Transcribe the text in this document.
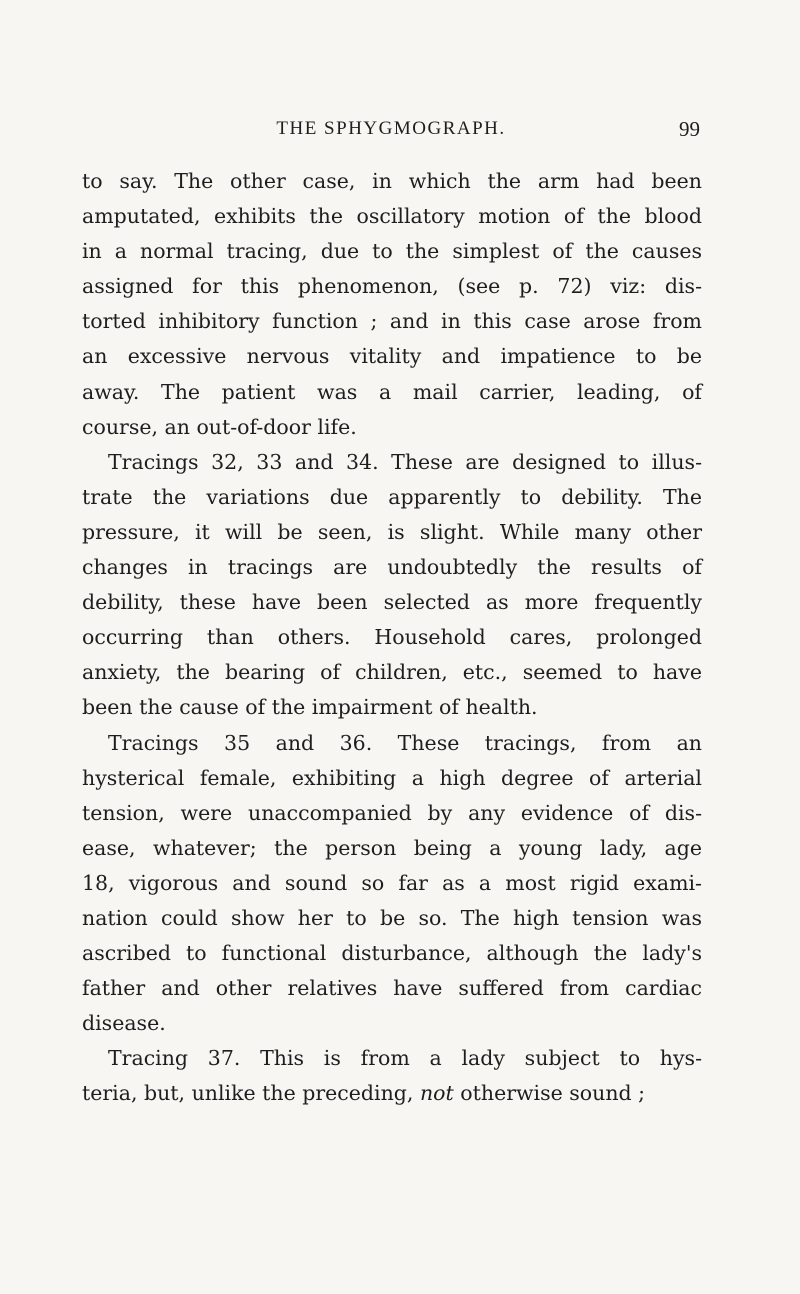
THE SPHYGMOGRAPH.	99
to say. The other case, in which the arm had been
amputated, exhibits the oscillatory motion of the blood
in a normal tracing, due to the simplest of the causes
assigned for this phenomenon, (see p. 72) viz: dis-
torted inhibitory function ; and in this case arose from
an excessive nervous vitality and impatience to be
away. The patient was a mail carrier, leading, of
course, an out-of-door life.
Tracings 32, 33 and 34. These are designed to illus-
trate the variations due apparently to debility. The
pressure, it will be seen, is slight. While many other
changes in tracings are undoubtedly the results of
debility, these have been selected as more frequently
occurring than others. Household cares, prolonged
anxiety, the bearing of children, etc., seemed to have
been the cause of the impairment of health.
Tracings 35 and 36. These tracings, from an
hysterical female, exhibiting a high degree of arterial
tension, were unaccompanied by any evidence of dis-
ease, whatever; the person being a young lady, age
18, vigorous and sound so far as a most rigid exami-
nation could show her to be so. The high tension was
ascribed to functional disturbance, although the lady's
father and other relatives have suffered from cardiac
disease.
Tracing 37. This is from a lady subject to hys-
teria, but, unlike the preceding, not otherwise sound ;
